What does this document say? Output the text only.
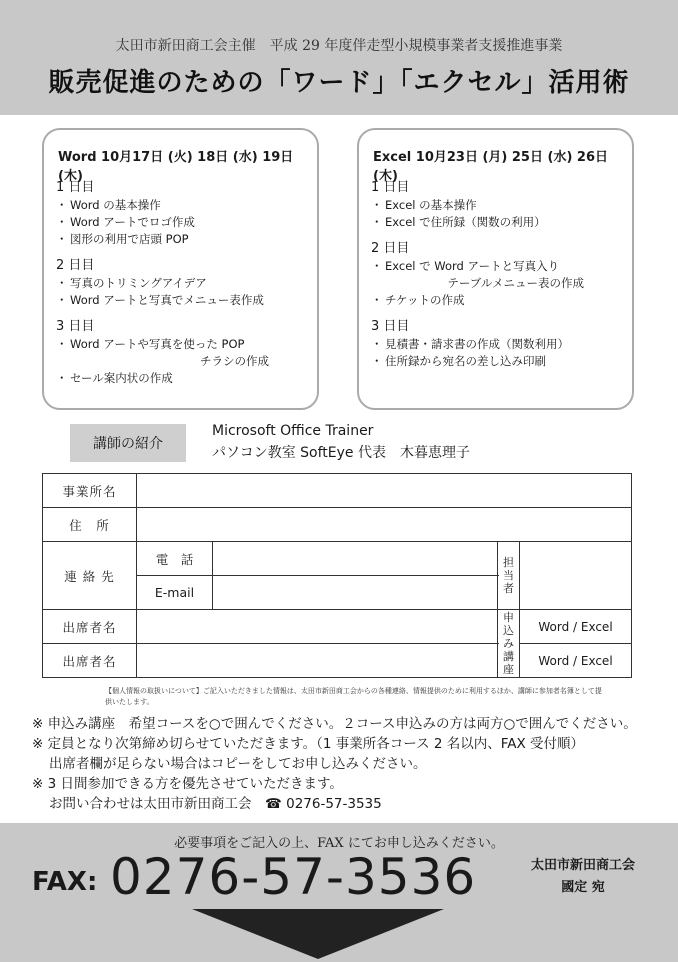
太田市新田商工会主催　平成 29 年度伴走型小規模事業者支援推進事業
販売促進のための「ワード」「エクセル」活用術
Word 10月17日 (火) 18日 (水) 19日 (木)
1 日目
・ Word の基本操作
・ Word アートでロゴ作成
・ 図形の利用で店頭 POP
2 日目
・ 写真のトリミングアイデア
・ Word アートと写真でメニュー表作成
3 日目
・ Word アートや写真を使った POP
チラシの作成
・ セール案内状の作成
Excel 10月23日 (月) 25日 (水) 26日 (木)
1 日目
・ Excel の基本操作
・ Excel で住所録（関数の利用）
2 日目
・ Excel で Word アートと写真入り
テーブルメニュー表の作成
・ チケットの作成
3 日目
・ 見積書・請求書の作成（関数利用）
・ 住所録から宛名の差し込み印刷
講師の紹介
Microsoft Office Trainer
パソコン教室 SoftEye 代表　木暮恵理子
事業所名				
住　所				
連 絡 先	電　話		担当者	
	E-mail			
出席者名			申込み講座	Word / Excel
出席者名				Word / Excel
【個人情報の取扱いについて】ご記入いただきました情報は、太田市新田商工会からの各種連絡、情報提供のために利用するほか、講師に参加者名簿として提供いたします。
※ 申込み講座　希望コースを○で囲んでください。２コース申込みの方は両方○で囲んでください。
※ 定員となり次第締め切らせていただきます。（1 事業所各コース 2 名以内、FAX 受付順）
出席者欄が足らない場合はコピーをしてお申し込みください。
※ 3 日間参加できる方を優先させていただきます。
お問い合わせは太田市新田商工会　☎ 0276-57-3535
必要事項をご記入の上、FAX にてお申し込みください。
FAX: 0276-57-3536	太田市新田商工会
國定 宛
